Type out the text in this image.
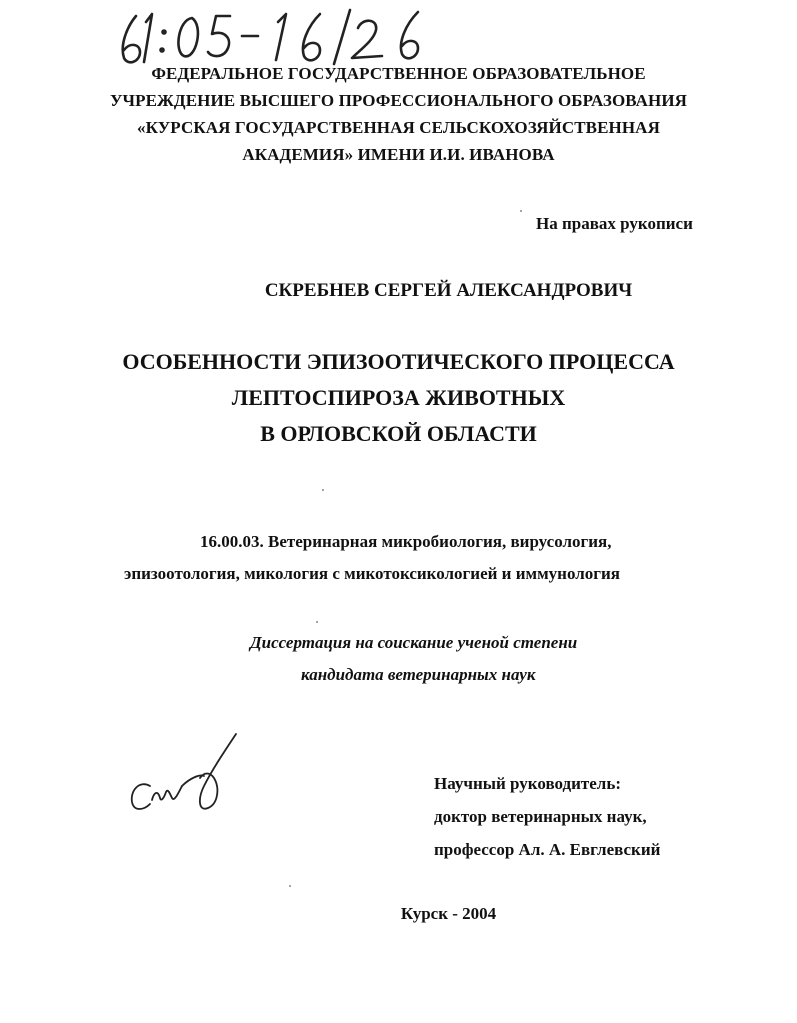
ФЕДЕРАЛЬНОЕ ГОСУДАРСТВЕННОЕ ОБРАЗОВАТЕЛЬНОЕ
УЧРЕЖДЕНИЕ ВЫСШЕГО ПРОФЕССИОНАЛЬНОГО ОБРАЗОВАНИЯ
«КУРСКАЯ ГОСУДАРСТВЕННАЯ СЕЛЬСКОХОЗЯЙСТВЕННАЯ
АКАДЕМИЯ» ИМЕНИ И.И. ИВАНОВА
На правах рукописи
СКРЕБНЕВ СЕРГЕЙ АЛЕКСАНДРОВИЧ
ОСОБЕННОСТИ ЭПИЗООТИЧЕСКОГО ПРОЦЕССА
ЛЕПТОСПИРОЗА ЖИВОТНЫХ
В ОРЛОВСКОЙ ОБЛАСТИ
16.00.03. Ветеринарная микробиология, вирусология,
эпизоотология, микология с микотоксикологией и иммунология
Диссертация на соискание ученой степени
кандидата ветеринарных наук
Научный руководитель:
доктор ветеринарных наук,
профессор Ал. А. Евглевский
Курск - 2004
